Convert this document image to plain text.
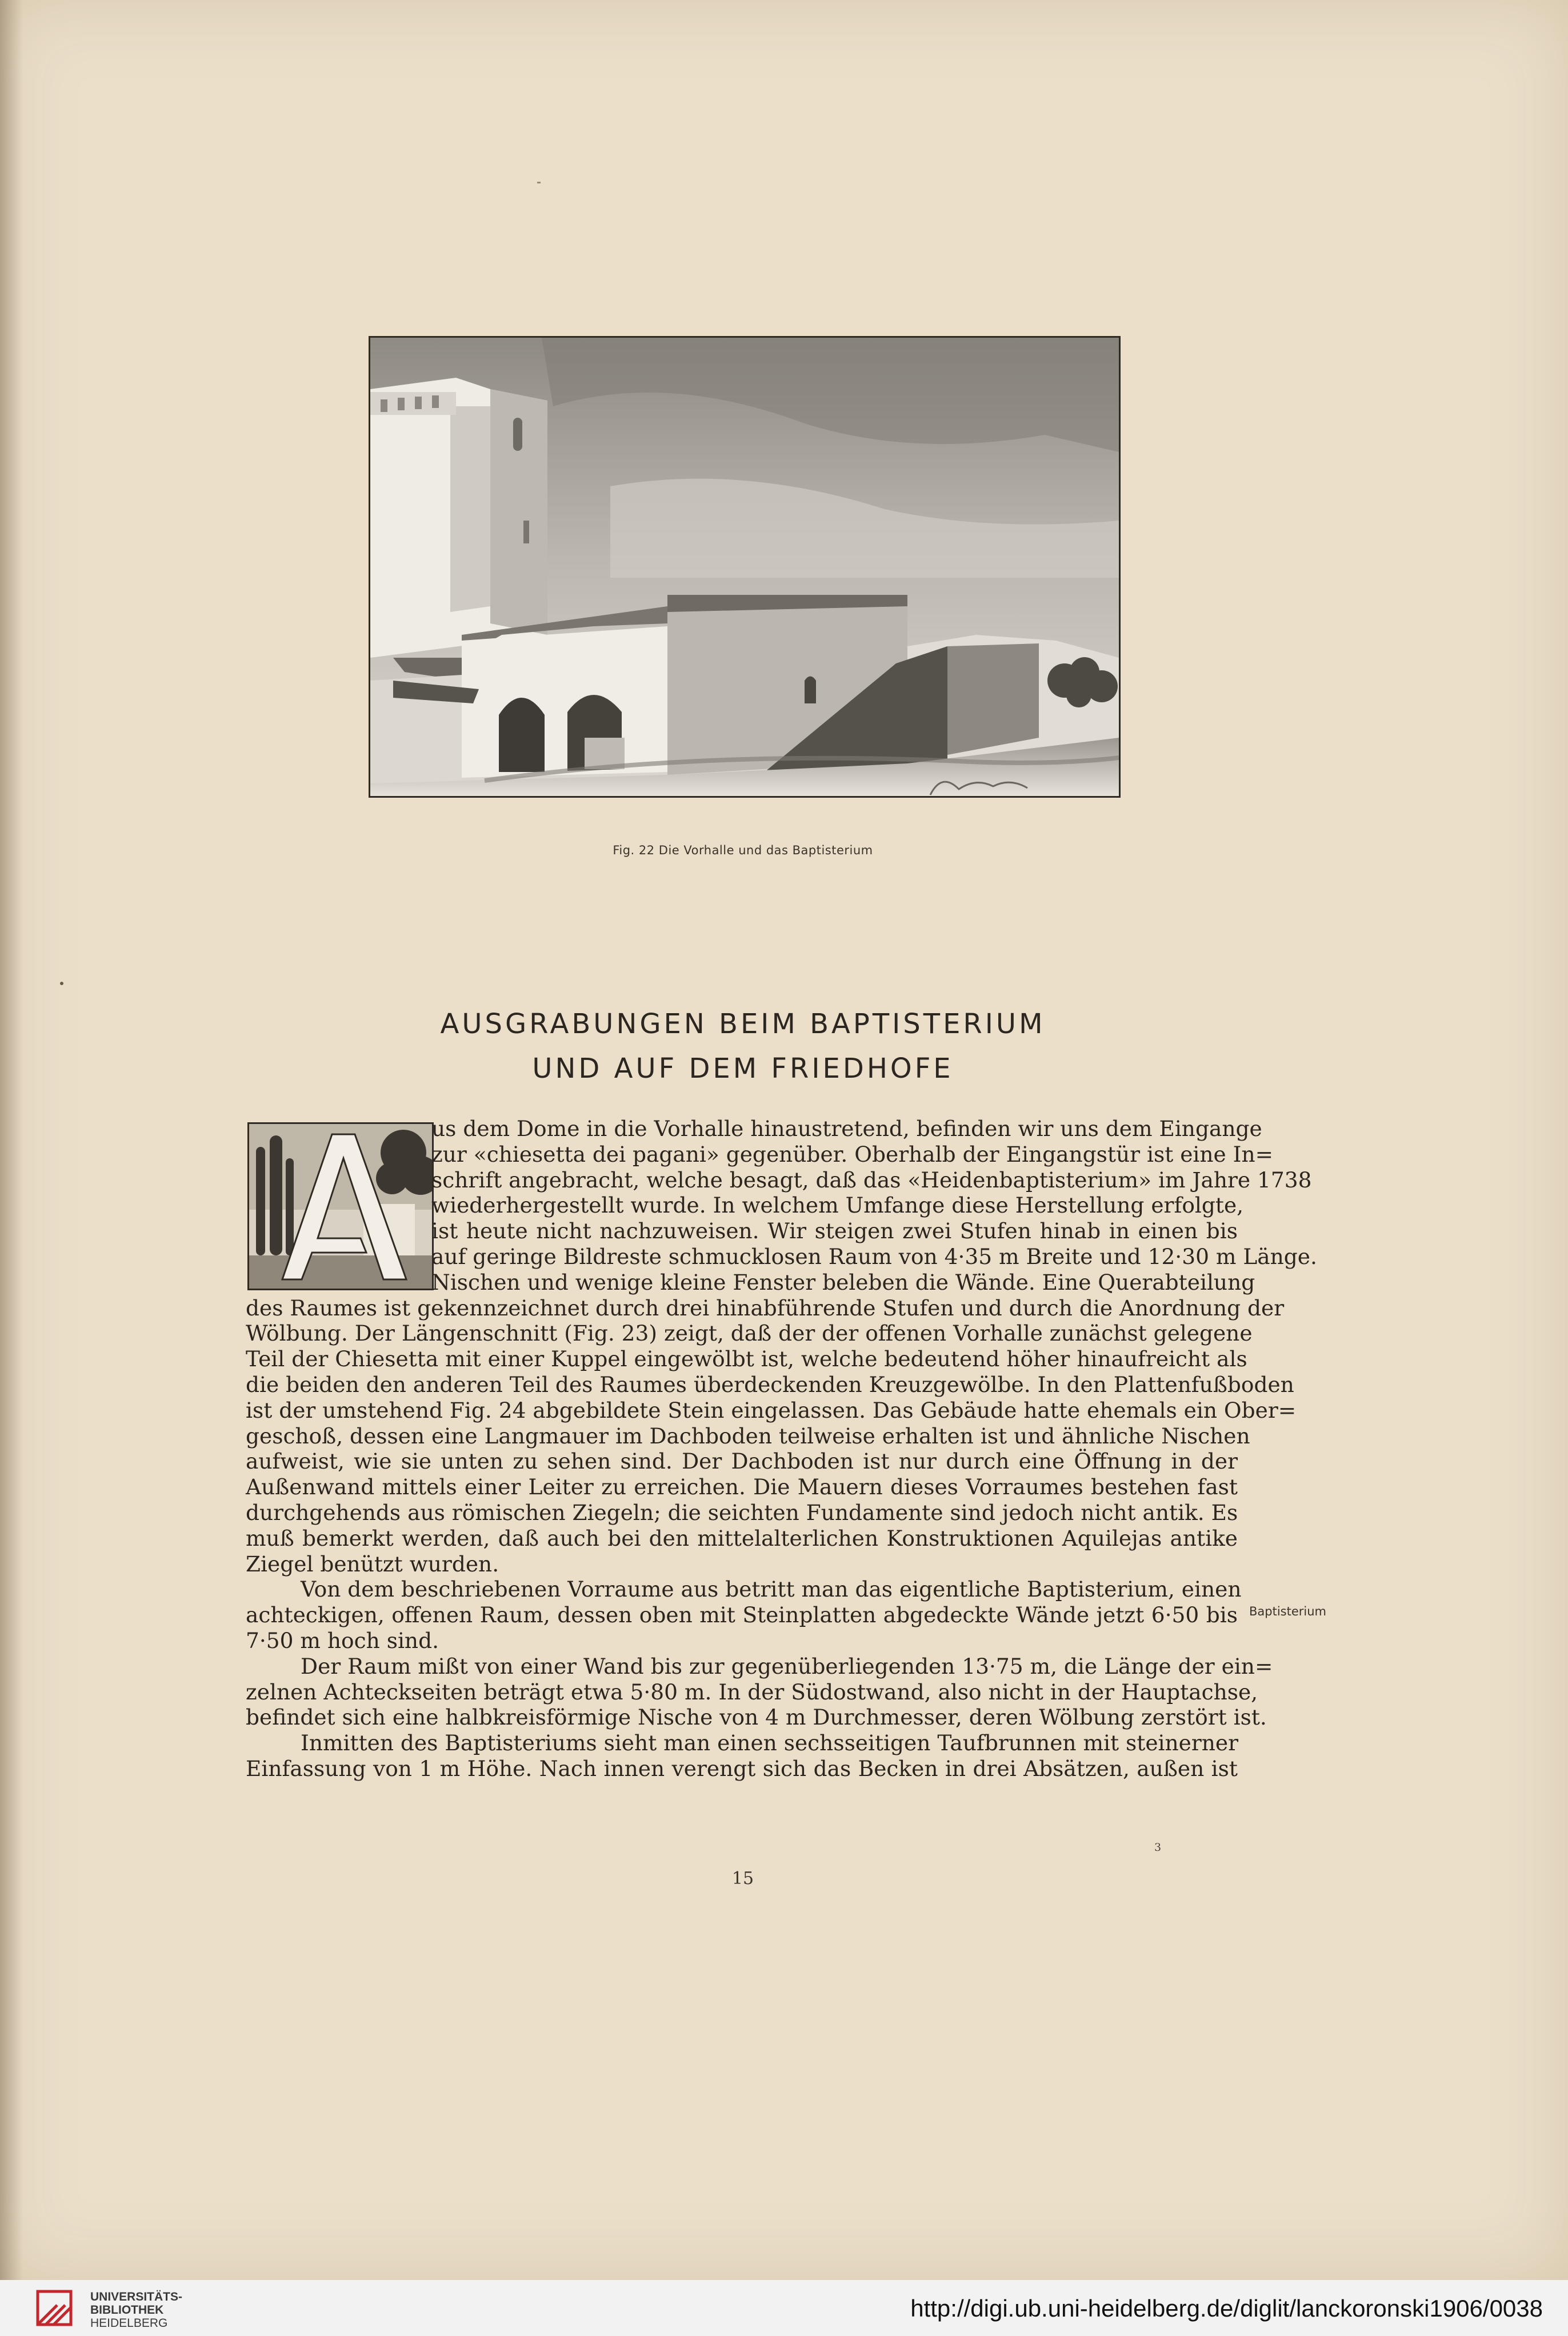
Fig. 22 Die Vorhalle und das Baptisterium
AUSGRABUNGEN BEIM BAPTISTERIUM
UND AUF DEM FRIEDHOFE
us dem Dome in die Vorhalle hinaustretend, befinden wir uns dem Eingange
zur «chiesetta dei pagani» gegenüber. Oberhalb der Eingangstür ist eine In=
schrift angebracht, welche besagt, daß das «Heidenbaptisterium» im Jahre 1738
wiederhergestellt wurde. In welchem Umfange diese Herstellung erfolgte,
ist heute nicht nachzuweisen. Wir steigen zwei Stufen hinab in einen bis
auf geringe Bildreste schmucklosen Raum von 4·35 m Breite und 12·30 m Länge.
Nischen und wenige kleine Fenster beleben die Wände. Eine Querabteilung
des Raumes ist gekennzeichnet durch drei hinabführende Stufen und durch die Anordnung der
Wölbung. Der Längenschnitt (Fig. 23) zeigt, daß der der offenen Vorhalle zunächst gelegene
Teil der Chiesetta mit einer Kuppel eingewölbt ist, welche bedeutend höher hinaufreicht als
die beiden den anderen Teil des Raumes überdeckenden Kreuzgewölbe. In den Plattenfußboden
ist der umstehend Fig. 24 abgebildete Stein eingelassen. Das Gebäude hatte ehemals ein Ober=
geschoß, dessen eine Langmauer im Dachboden teilweise erhalten ist und ähnliche Nischen
aufweist, wie sie unten zu sehen sind. Der Dachboden ist nur durch eine Öffnung in der
Außenwand mittels einer Leiter zu erreichen. Die Mauern dieses Vorraumes bestehen fast
durchgehends aus römischen Ziegeln; die seichten Fundamente sind jedoch nicht antik. Es
muß bemerkt werden, daß auch bei den mittelalterlichen Konstruktionen Aquilejas antike
Ziegel benützt wurden.
Von dem beschriebenen Vorraume aus betritt man das eigentliche Baptisterium, einen
achteckigen, offenen Raum, dessen oben mit Steinplatten abgedeckte Wände jetzt 6·50 bis
7·50 m hoch sind.
Der Raum mißt von einer Wand bis zur gegenüberliegenden 13·75 m, die Länge der ein=
zelnen Achteckseiten beträgt etwa 5·80 m. In der Südostwand, also nicht in der Hauptachse,
befindet sich eine halbkreisförmige Nische von 4 m Durchmesser, deren Wölbung zerstört ist.
Inmitten des Baptisteriums sieht man einen sechsseitigen Taufbrunnen mit steinerner
Einfassung von 1 m Höhe. Nach innen verengt sich das Becken in drei Absätzen, außen ist
Baptisterium
3
15
UNIVERSITÄTS-
BIBLIOTHEK
HEIDELBERG
http://digi.ub.uni-heidelberg.de/diglit/lanckoronski1906/0038
